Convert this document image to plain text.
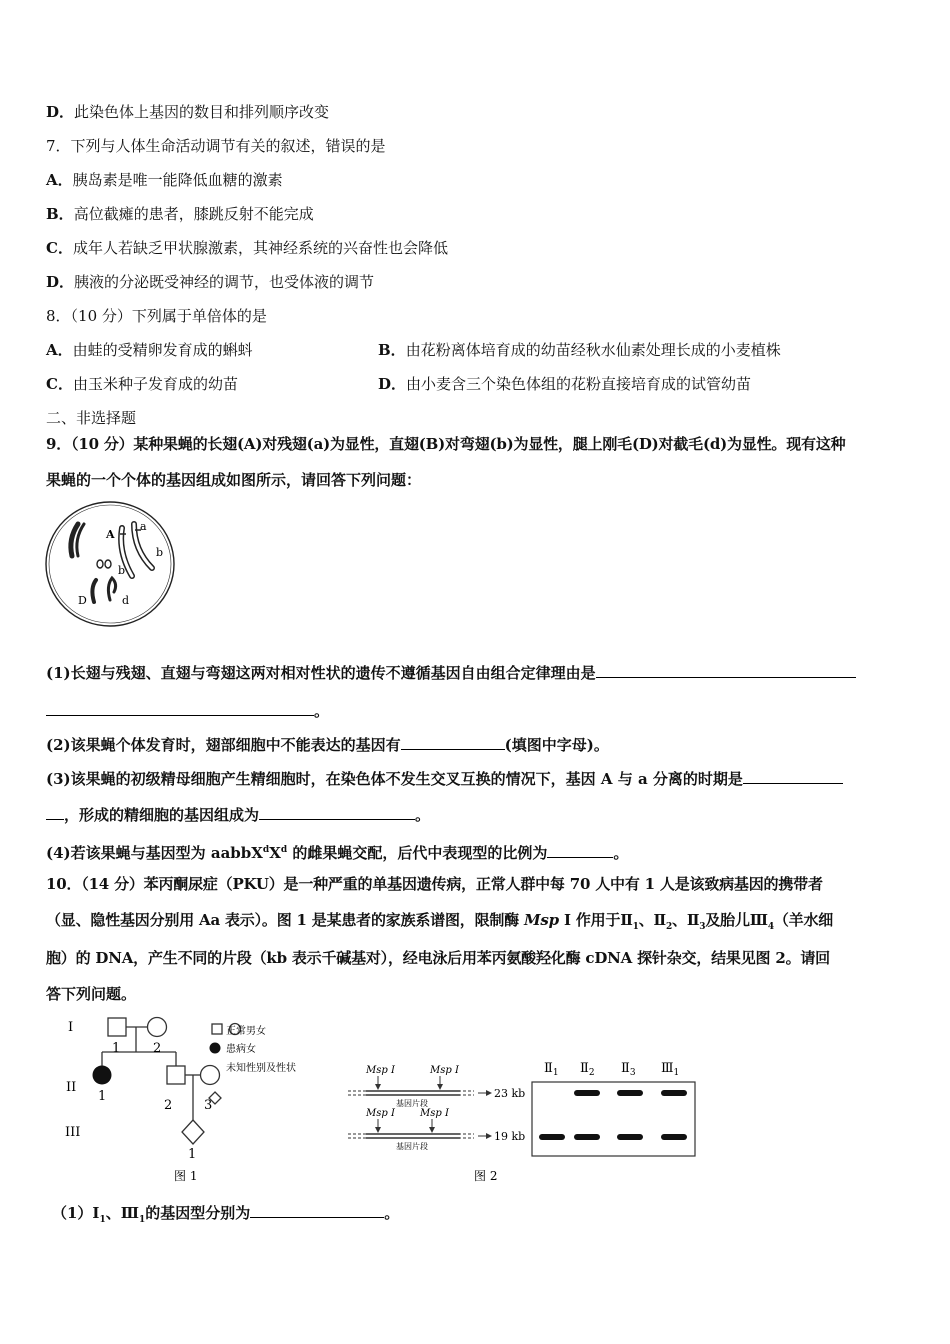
D．此染色体上基因的数目和排列顺序改变
7．下列与人体生命活动调节有关的叙述，错误的是
A．胰岛素是唯一能降低血糖的激素
B．高位截瘫的患者，膝跳反射不能完成
C．成年人若缺乏甲状腺激素，其神经系统的兴奋性也会降低
D．胰液的分泌既受神经的调节，也受体液的调节
8．（10 分）下列属于单倍体的是
A．由蛙的受精卵发育成的蝌蚪	B．由花粉离体培育成的幼苗经秋水仙素处理长成的小麦植株
C．由玉米种子发育成的幼苗	D．由小麦含三个染色体组的花粉直接培育成的试管幼苗
二、非选择题
9．（10 分）某种果蝇的长翅(A)对残翅(a)为显性，直翅(B)对弯翅(b)为显性，腿上刚毛(D)对截毛(d)为显性。现有这种
果蝇的一个个体的基因组成如图所示，请回答下列问题：
A
a
b
b
D	d
(1)长翅与残翅、直翅与弯翅这两对相对性状的遗传不遵循基因自由组合定律理由是
。
(2)该果蝇个体发育时，翅部细胞中不能表达的基因有	(填图中字母)。
(3)该果蝇的初级精母细胞产生精细胞时，在染色体不发生交叉互换的情况下，基因 A 与 a 分离的时期是
，形成的精细胞的基因组成为	。
(4)若该果蝇与基因型为 $aabbX^dX^d$ 的雌果蝇交配，后代中表现型的比例为	。
10．（14 分）苯丙酮尿症（PKU）是一种严重的单基因遗传病，正常人群中每 70 人中有 1 人是该致病基因的携带者
（显、隐性基因分别用 Aa 表示）。图 1 是某患者的家族系谱图，限制酶 Msp I 作用于$Ⅱ_1$、$Ⅱ_2$、$Ⅱ_3$及胎儿$Ⅲ_4$（羊水细
胞）的 DNA，产生不同的片段（kb 表示千碱基对），经电泳后用苯丙氨酸羟化酶 cDNA 探针杂交，结果见图 2。请回
答下列问题。
I
II
III
1	2
1
2 3
1
正常男女
患病女
未知性别及性状
图 1
Msp I	Msp I
Msp I	Msp I
基因片段
基因片段
23 kb
19 kb
$Ⅱ_1$ $Ⅱ_2$ $Ⅱ_3$ $Ⅲ_1$
图 2
$(1)I_1$、$Ⅲ_1$的基因型分别为	。
